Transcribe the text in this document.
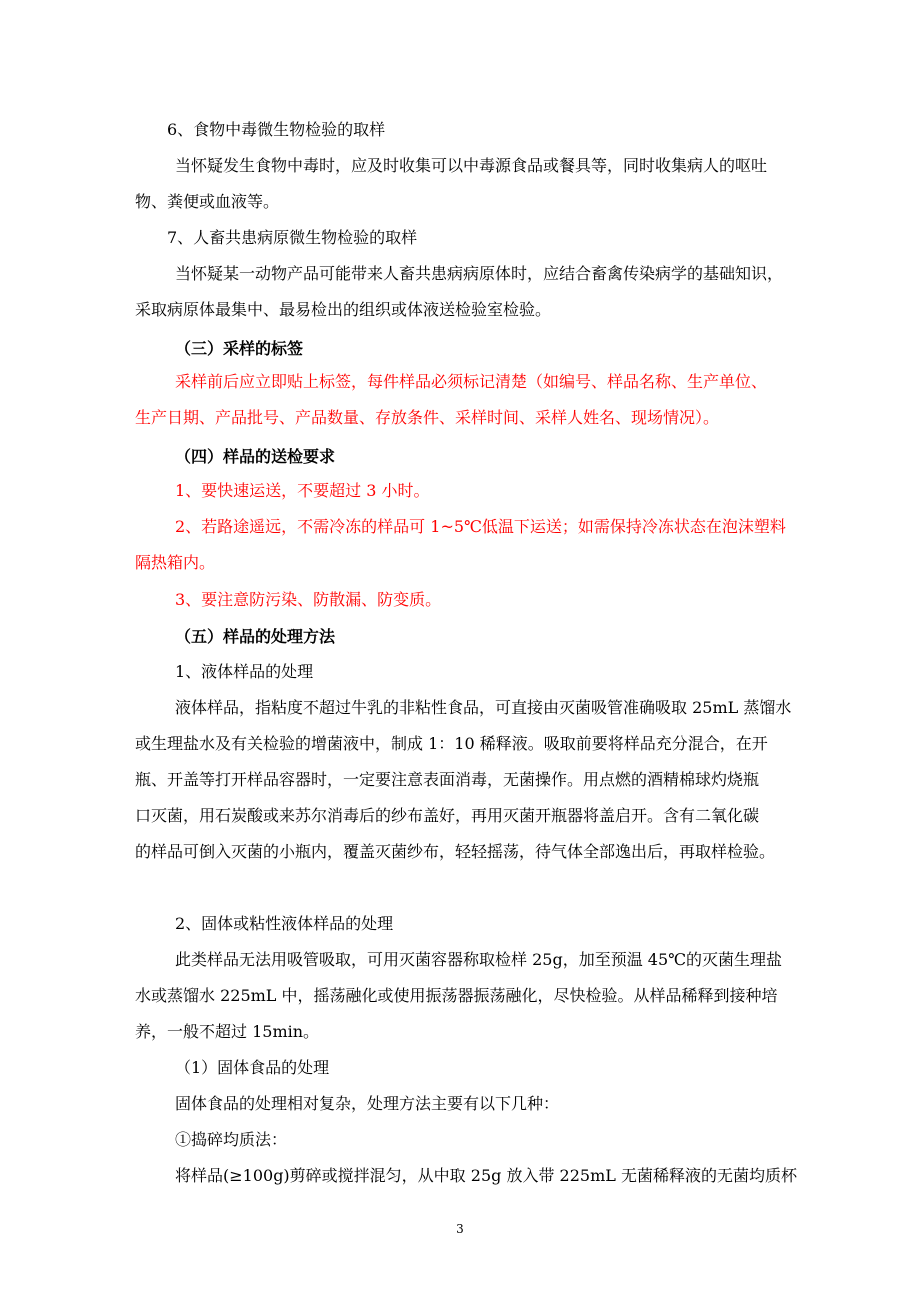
6、食物中毒微生物检验的取样
当怀疑发生食物中毒时，应及时收集可以中毒源食品或餐具等，同时收集病人的呕吐
物、粪便或血液等。
7、人畜共患病原微生物检验的取样
当怀疑某一动物产品可能带来人畜共患病病原体时，应结合畜禽传染病学的基础知识，
采取病原体最集中、最易检出的组织或体液送检验室检验。
（三）采样的标签
采样前后应立即贴上标签，每件样品必须标记清楚（如编号、样品名称、生产单位、
生产日期、产品批号、产品数量、存放条件、采样时间、采样人姓名、现场情况）。
（四）样品的送检要求
1、要快速运送，不要超过 3 小时。
2、若路途遥远，不需冷冻的样品可 1~5℃低温下运送；如需保持冷冻状态在泡沫塑料
隔热箱内。
3、要注意防污染、防散漏、防变质。
（五）样品的处理方法
1、液体样品的处理
液体样品，指粘度不超过牛乳的非粘性食品，可直接由灭菌吸管准确吸取 25mL 蒸馏水
或生理盐水及有关检验的增菌液中，制成 1：10 稀释液。吸取前要将样品充分混合，在开
瓶、开盖等打开样品容器时，一定要注意表面消毒，无菌操作。用点燃的酒精棉球灼烧瓶
口灭菌，用石炭酸或来苏尔消毒后的纱布盖好，再用灭菌开瓶器将盖启开。含有二氧化碳
的样品可倒入灭菌的小瓶内，覆盖灭菌纱布，轻轻摇荡，待气体全部逸出后，再取样检验。
2、固体或粘性液体样品的处理
此类样品无法用吸管吸取，可用灭菌容器称取检样 25g，加至预温 45℃的灭菌生理盐
水或蒸馏水 225mL 中，摇荡融化或使用振荡器振荡融化，尽快检验。从样品稀释到接种培
养，一般不超过 15min。
（1）固体食品的处理
固体食品的处理相对复杂，处理方法主要有以下几种：
①捣碎均质法：
将样品(≥100g)剪碎或搅拌混匀，从中取 25g 放入带 225mL 无菌稀释液的无菌均质杯
3
